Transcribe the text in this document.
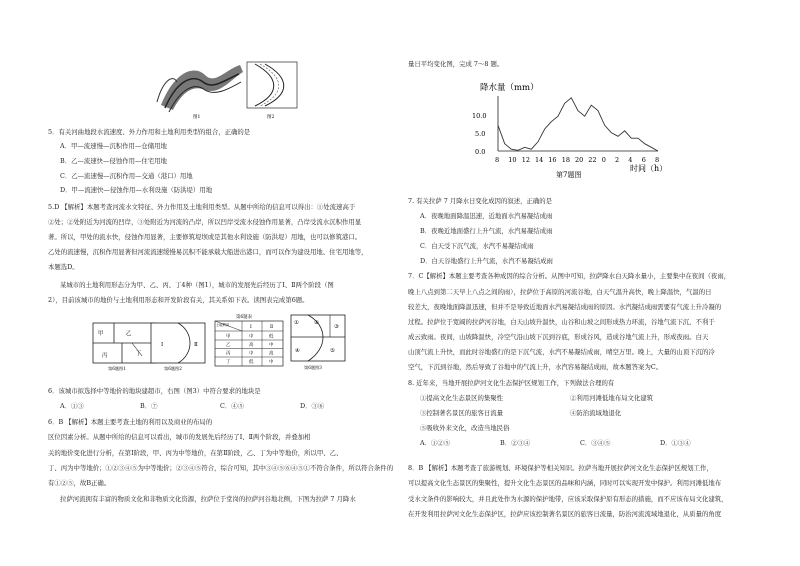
图1	图2
5．有关河曲地段水流速度、外力作用和土地利用类型的组合，正确的是
A．甲—流速慢—沉积作用—仓储用地
B．乙—流速快—侵蚀作用—住宅用地
C．乙—流速慢—沉积作用—交通（港口）用地
D．甲—流速快—侵蚀作用—水利设施（防洪堤）用地
5.D 【解析】本题考查河流水文特征、外力作用及土地利用类型。从题中所给的信息可以得出：①处流速高于
②处；②处附近为河流的凹岸，③处附近为河流的凸岸，所以凹岸受流水侵蚀作用显著，凸岸受流水沉积作用显
著。所以，甲处的流水快，侵蚀作用显著，主要修筑堤坝或是其他水利设施（防洪堤）用地，也可以修筑港口。
乙处的流速慢，沉积作用显著但河流流速缓慢易沉积不能承载大船进出港口，而可以作为建设用地、住宅用地等，
本题选D。
某城市的土地利用形态分为甲、乙、丙、丁4种（图1），城市的发展先后经历了Ⅰ、Ⅱ两个阶段（图
2），目前该城市的地价与土地利用形态和开发阶段有关，其关系如下表。读图表完成第6题。
甲	乙
丙	丁
第6题图1
Ⅰ	Ⅱ
第6题图2
第6题表
土地利用	Ⅰ	Ⅱ
甲	中	低
乙	高	中
丙	中	高
丁	低	中
①	②
③
④	⑤
第6题图3
6．该城市拟选择中等地价的地块建超市，右图（图3）中符合要求的地块是
A．①③	B．⑦	C．④⑤	D．③⑥
6．B 【解析】本题主要考查土地的利用以及商业的布局的
区位因素分析。从题中所给的信息可以看出，城市的发展先后经历了Ⅰ、Ⅱ两个阶段，并叠加相
关的地价变化进行分析，在第Ⅰ阶段，甲、丙为中等地价，在第Ⅱ阶段，乙、丁为中等地价，所以甲、乙、
丁、丙为中等地价；①②③④⑤为中等地价；②③④⑤符合，综合可知，其中③④⑤⑥④⑤①不符合条件，所以符合条件的
有①②⑤，故B正确。
拉萨河流拥有丰富的物质文化和非物质文化资源，拉萨位于堂岗的拉萨河谷地北侧，下图为拉萨 7 月降水
量日平均变化图，完成 7～8 题。
降水量（mm）
0.0
5.0
10.0
8 10 12 14 16 18 20 22 0 2 4 6 8
时间（h）
第7题图
7. 有关拉萨 7 月降水日变化成因的叙述，正确的是
A．夜晚地面降温迅速，近地面水汽易凝结成雨
B．夜晚近地面盛行上升气流，水汽易凝结成雨
C．白天受下沉气流，水汽不易凝结成雨
D．白天谷地盛行上升气流，水汽不易凝结成雨
7．C【解析】本题主要考查各种成因的综合分析。从图中可知，拉萨降水白天降水量小，主要集中在夜间（夜雨，
晚上八点到第二天早上八点之间的雨），拉萨位于高原的河流谷地，白天气温升高快，晚上降温快，气温的日
较差大，夜晚地面降温迅速，但并不是导致近地面水汽易凝结成雨的原因。水汽凝结成雨需要有气流上升冷凝的
过程。拉萨位于宽阔的拉萨河谷地，白天山坡升温快，山谷和山坡之间形成热力环流，谷地气流下沉，不利于
成云致雨。夜间，山坡降温快，冷空气沿山坡下沉到谷底，形成谷风，造成谷地气流上升，形成夜雨。白天
山顶气流上升快，而此时谷地盛行的是下沉气流，水汽不易凝结成雨，晴空万里。晚上，大量的山顶下沉的冷
空气，下沉到谷地，然后导致了谷地中的气流上升，水汽容易凝结成雨，故本题答案为C。
8. 近年来，当地开展拉萨河文化生态保护区规划工作，下列做法合理的有
①提高文化生态景区的集聚性	②利用河滩低地布局文化建筑
③控制著名景区的旅客日流量	④防治流域地退化
⑤吸收外来文化，改造当地民俗
A．①②⑤	B．②③④	C．③④⑤	D．①③④
8．B 【解析】本题考查了旅游规划、环境保护等相关知识。拉萨当地开展拉萨河文化生态保护区规划工作，
可以提高文化生态景区的集聚性，提升文化生态景区的品味和内涵，同时可以实现开发中保护。利用河滩低地布
受水文条件的影响较大，并且此处作为水源的保护地带，应该采取保护原有形态的措施，而不应该布局文化建筑，
在开发利用拉萨河文化生态保护区，拉萨应该控制著名景区的旅客日流量，防治河流流域地退化，从质量的角度
